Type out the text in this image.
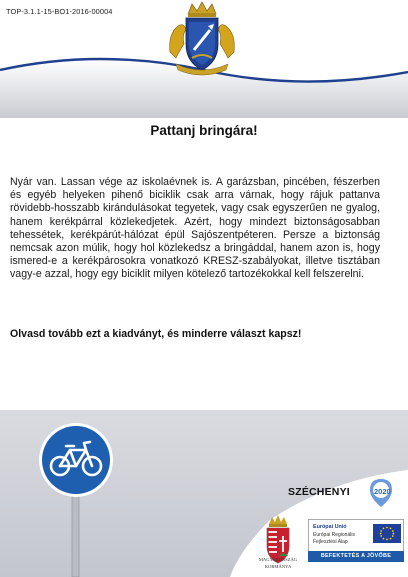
TOP-3.1.1-15-BO1-2016-00004
Pattanj bringára!

Nyár van. Lassan vége az iskolaévnek is. A garázsban, pincében, fészerben és egyéb helyeken pihenő biciklik csak arra várnak, hogy rájuk pattanva rövidebb-hosszabb kirándulásokat tegyetek, vagy csak egyszerűen ne gyalog, hanem kerékpárral közlekedjetek. Azért, hogy mindezt biztonságosabban tehessétek, kerékpárút-hálózat épül Sajószentpéteren. Persze a biztonság nemcsak azon múlik, hogy hol közlekedsz a bringáddal, hanem azon is, hogy ismered-e a kerékpárosokra vonatkozó KRESZ-szabályokat, illetve tisztában vagy-e azzal, hogy egy biciklit milyen kötelező tartozékokkal kell felszerelni.

Olvasd tovább ezt a kiadványt, és minderre választ kapsz!

SZÉCHENYI	2020
MAGYARORSZÁG
KORMÁNYA
Európai Unió
Európai Regionális
Fejlesztési Alap
BEFEKTETÉS A JÖVŐBE
